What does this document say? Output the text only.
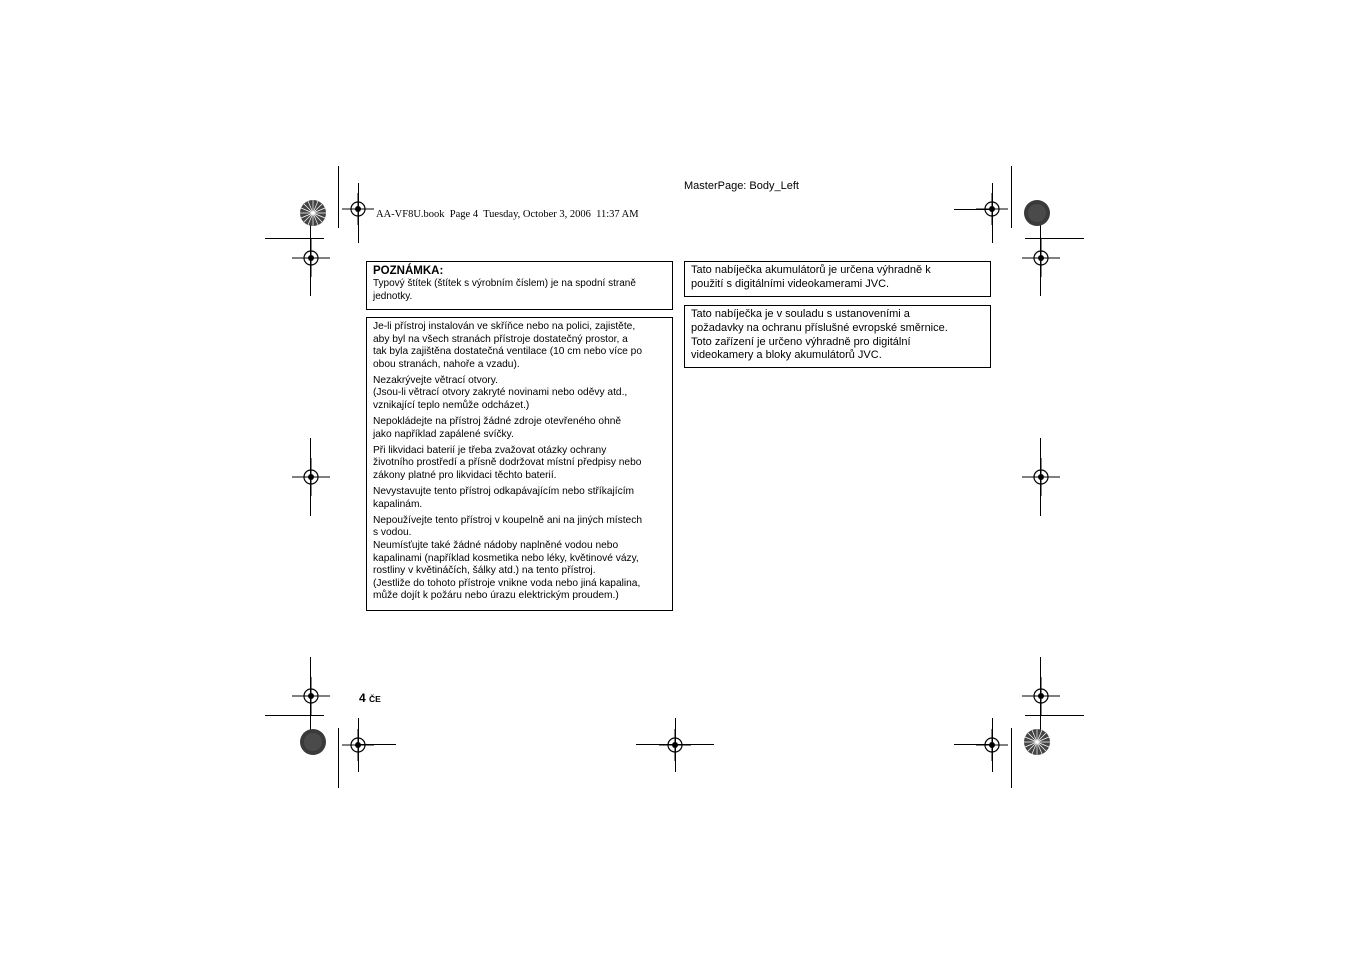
MasterPage: Body_Left
AA-VF8U.book  Page 4  Tuesday, October 3, 2006  11:37 AM
POZNÁMKA:
Typový štítek (štítek s výrobním číslem) je na spodní straně jednotky.

Je-li přístroj instalován ve skříňce nebo na polici, zajistěte,
aby byl na všech stranách přístroje dostatečný prostor, a
tak byla zajištěna dostatečná ventilace (10 cm nebo více po
obou stranách, nahoře a vzadu).

Nezakrývejte větrací otvory.
(Jsou-li větrací otvory zakryté novinami nebo oděvy atd.,
vznikající teplo nemůže odcházet.)

Nepokládejte na přístroj žádné zdroje otevřeného ohně
jako například zapálené svíčky.

Při likvidaci baterií je třeba zvažovat otázky ochrany
životního prostředí a přísně dodržovat místní předpisy nebo
zákony platné pro likvidaci těchto baterií.

Nevystavujte tento přístroj odkapávajícím nebo stříkajícím
kapalinám.

Nepoužívejte tento přístroj v koupelně ani na jiných místech
s vodou.
Neumísťujte také žádné nádoby naplněné vodou nebo
kapalinami (například kosmetika nebo léky, květinové vázy,
rostliny v květináčích, šálky atd.) na tento přístroj.
(Jestliže do tohoto přístroje vnikne voda nebo jiná kapalina,
může dojít k požáru nebo úrazu elektrickým proudem.)

Tato nabíječka akumulátorů je určena výhradně k
použití s digitálními videokamerami JVC.
Tato nabíječka je v souladu s ustanoveními a
požadavky na ochranu příslušné evropské směrnice.
Toto zařízení je určeno výhradně pro digitální
videokamery a bloky akumulátorů JVC.
4 ČE
